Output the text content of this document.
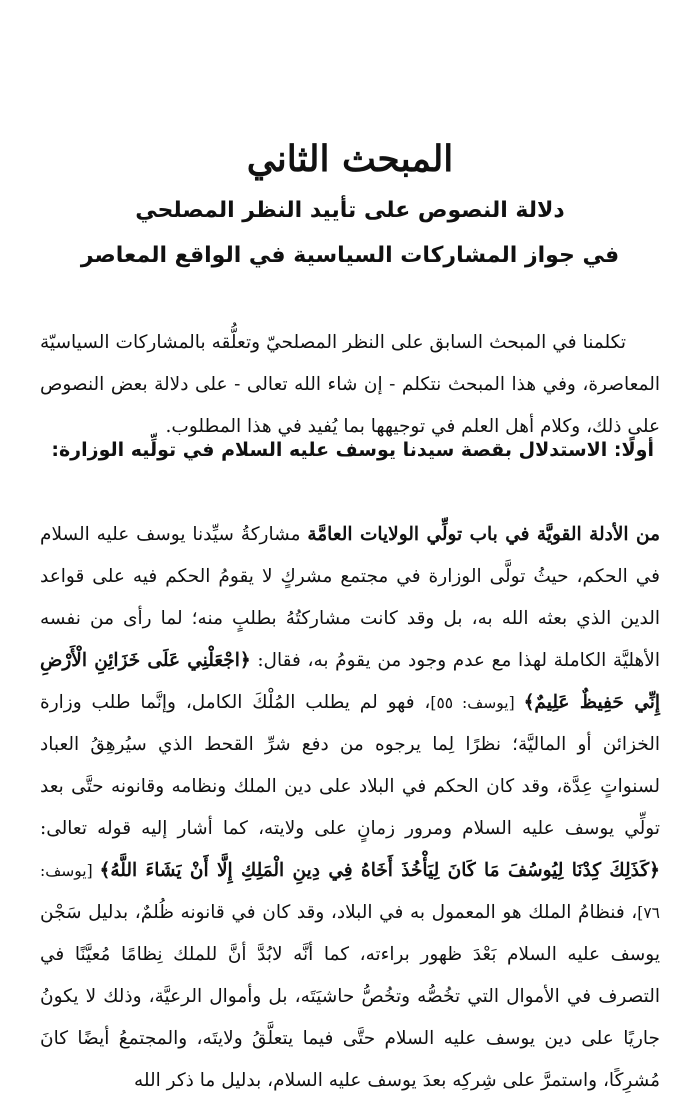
المبحث الثاني
دلالة النصوص على تأييد النظر المصلحي
في جواز المشاركات السياسية في الواقع المعاصر

تكلمنا في المبحث السابق على النظر المصلحيّ وتعلُّقه بالمشاركات السياسيّة المعاصرة، وفي هذا المبحث نتكلم - إن شاء الله تعالى - على دلالة بعض النصوص على ذلك، وكلام أهل العلم في توجيهها بما يُفيد في هذا المطلوب.

أولًا: الاستدلال بقصة سيدنا يوسف عليه السلام في تولِّيه الوزارة:

من الأدلة القويَّة في باب تولِّي الولايات العامَّة مشاركةُ سيِّدنا يوسف عليه السلام في الحكم، حيثُ تولَّى الوزارة في مجتمع مشركٍ لا يقومُ الحكم فيه على قواعد الدين الذي بعثه الله به، بل وقد كانت مشاركتُهُ بطلبٍ منه؛ لما رأى من نفسه الأهليَّة الكاملة لهذا مع عدم وجود من يقومُ به، فقال: ﴿اجْعَلْنِي عَلَى خَزَائِنِ الْأَرْضِ إِنِّي حَفِيظٌ عَلِيمٌ﴾ [يوسف: ٥٥]، فهو لم يطلب المُلْكَ الكامل، وإنَّما طلب وزارة الخزائن أو الماليَّة؛ نظرًا لِما يرجوه من دفع شرِّ القحط الذي سيُرهِقُ العباد لسنواتٍ عِدَّة، وقد كان الحكم في البلاد على دين الملك ونظامه وقانونه حتَّى بعد تولِّي يوسف عليه السلام ومرور زمانٍ على ولايته، كما أشار إليه قوله تعالى: ﴿كَذَلِكَ كِدْنَا لِيُوسُفَ مَا كَانَ لِيَأْخُذَ أَخَاهُ فِي دِينِ الْمَلِكِ إِلَّا أَنْ يَشَاءَ اللَّهُ﴾ [يوسف: ٧٦]، فنظامُ الملك هو المعمول به في البلاد، وقد كان في قانونه ظُلمٌ، بدليل سَجْن يوسف عليه السلام بَعْدَ ظهور براءته، كما أنَّه لابُدَّ أنَّ للملك نِظامًا مُعيَّنًا في التصرف في الأموال التي تخُصُّه وتخُصُّ حاشيَتَه، بل وأموال الرعيَّة، وذلك لا يكونُ جاريًا على دين يوسف عليه السلام حتَّى فيما يتعلَّقُ ولايتَه، والمجتمعُ أيضًا كانَ مُشرِكًا، واستمرَّ على شِركِه بعدَ يوسف عليه السلام، بدليل ما ذكر الله
